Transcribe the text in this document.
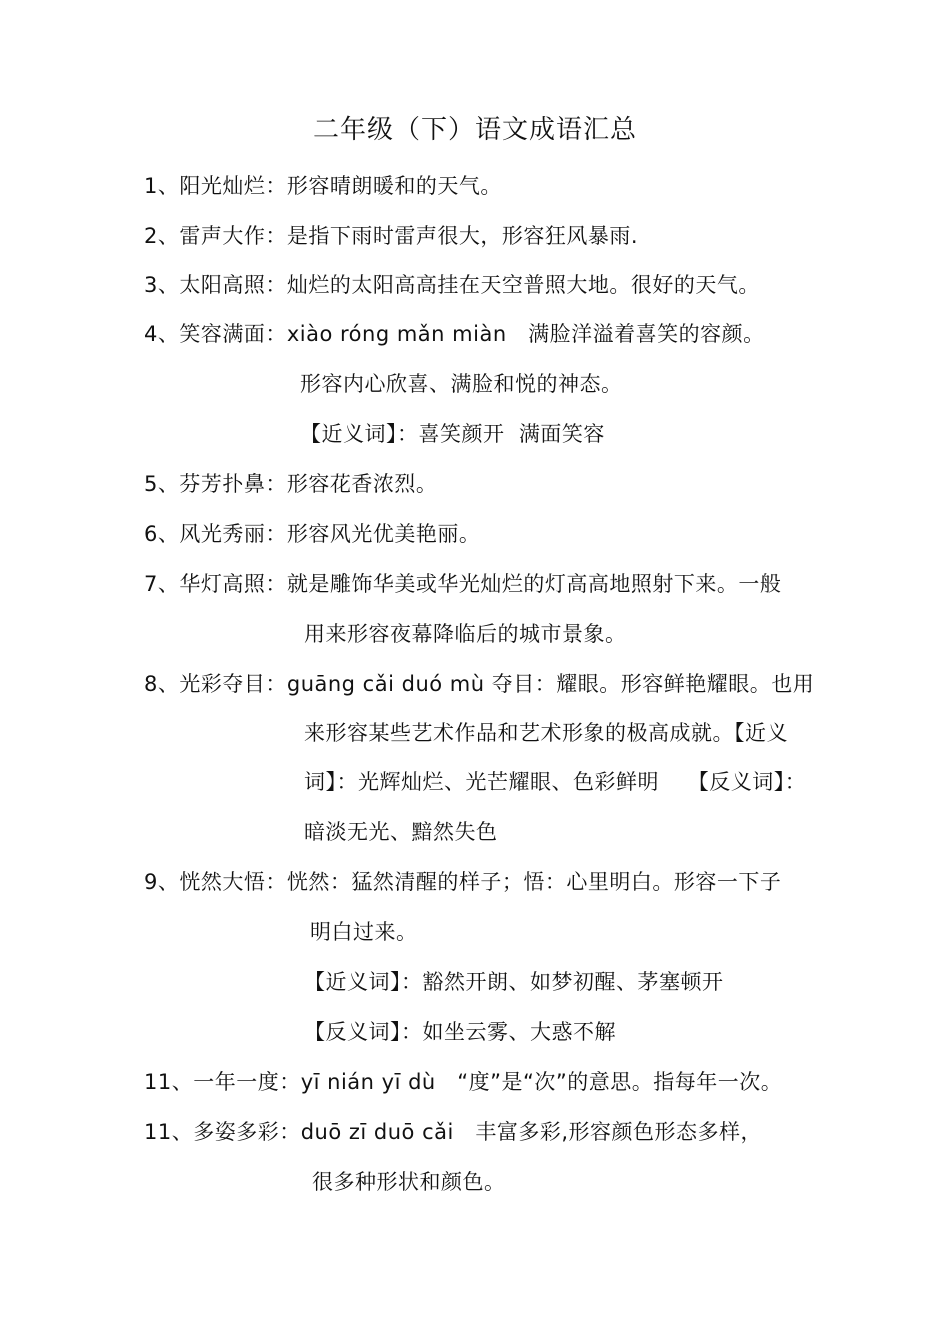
二年级（下）语文成语汇总
1、阳光灿烂：形容晴朗暖和的天气。
2、雷声大作：是指下雨时雷声很大，形容狂风暴雨.
3、太阳高照：灿烂的太阳高高挂在天空普照大地。很好的天气。
4、笑容满面：xiào róng mǎn miàn   满脸洋溢着喜笑的容颜。
形容内心欣喜、满脸和悦的神态。
【近义词】：喜笑颜开  满面笑容
5、芬芳扑鼻：形容花香浓烈。
6、风光秀丽：形容风光优美艳丽。
7、华灯高照：就是雕饰华美或华光灿烂的灯高高地照射下来。一般
用来形容夜幕降临后的城市景象。
8、光彩夺目：guāng cǎi duó mù 夺目：耀眼。形容鲜艳耀眼。也用
来形容某些艺术作品和艺术形象的极高成就。【近义
词】：光辉灿烂、光芒耀眼、色彩鲜明    【反义词】：
暗淡无光、黯然失色
9、恍然大悟：恍然：猛然清醒的样子；悟：心里明白。形容一下子
明白过来。
【近义词】：豁然开朗、如梦初醒、茅塞顿开
【反义词】：如坐云雾、大惑不解
11、一年一度：yī nián yī dù   “度”是“次”的意思。指每年一次。
11、多姿多彩：duō zī duō cǎi   丰富多彩,形容颜色形态多样，
很多种形状和颜色。
